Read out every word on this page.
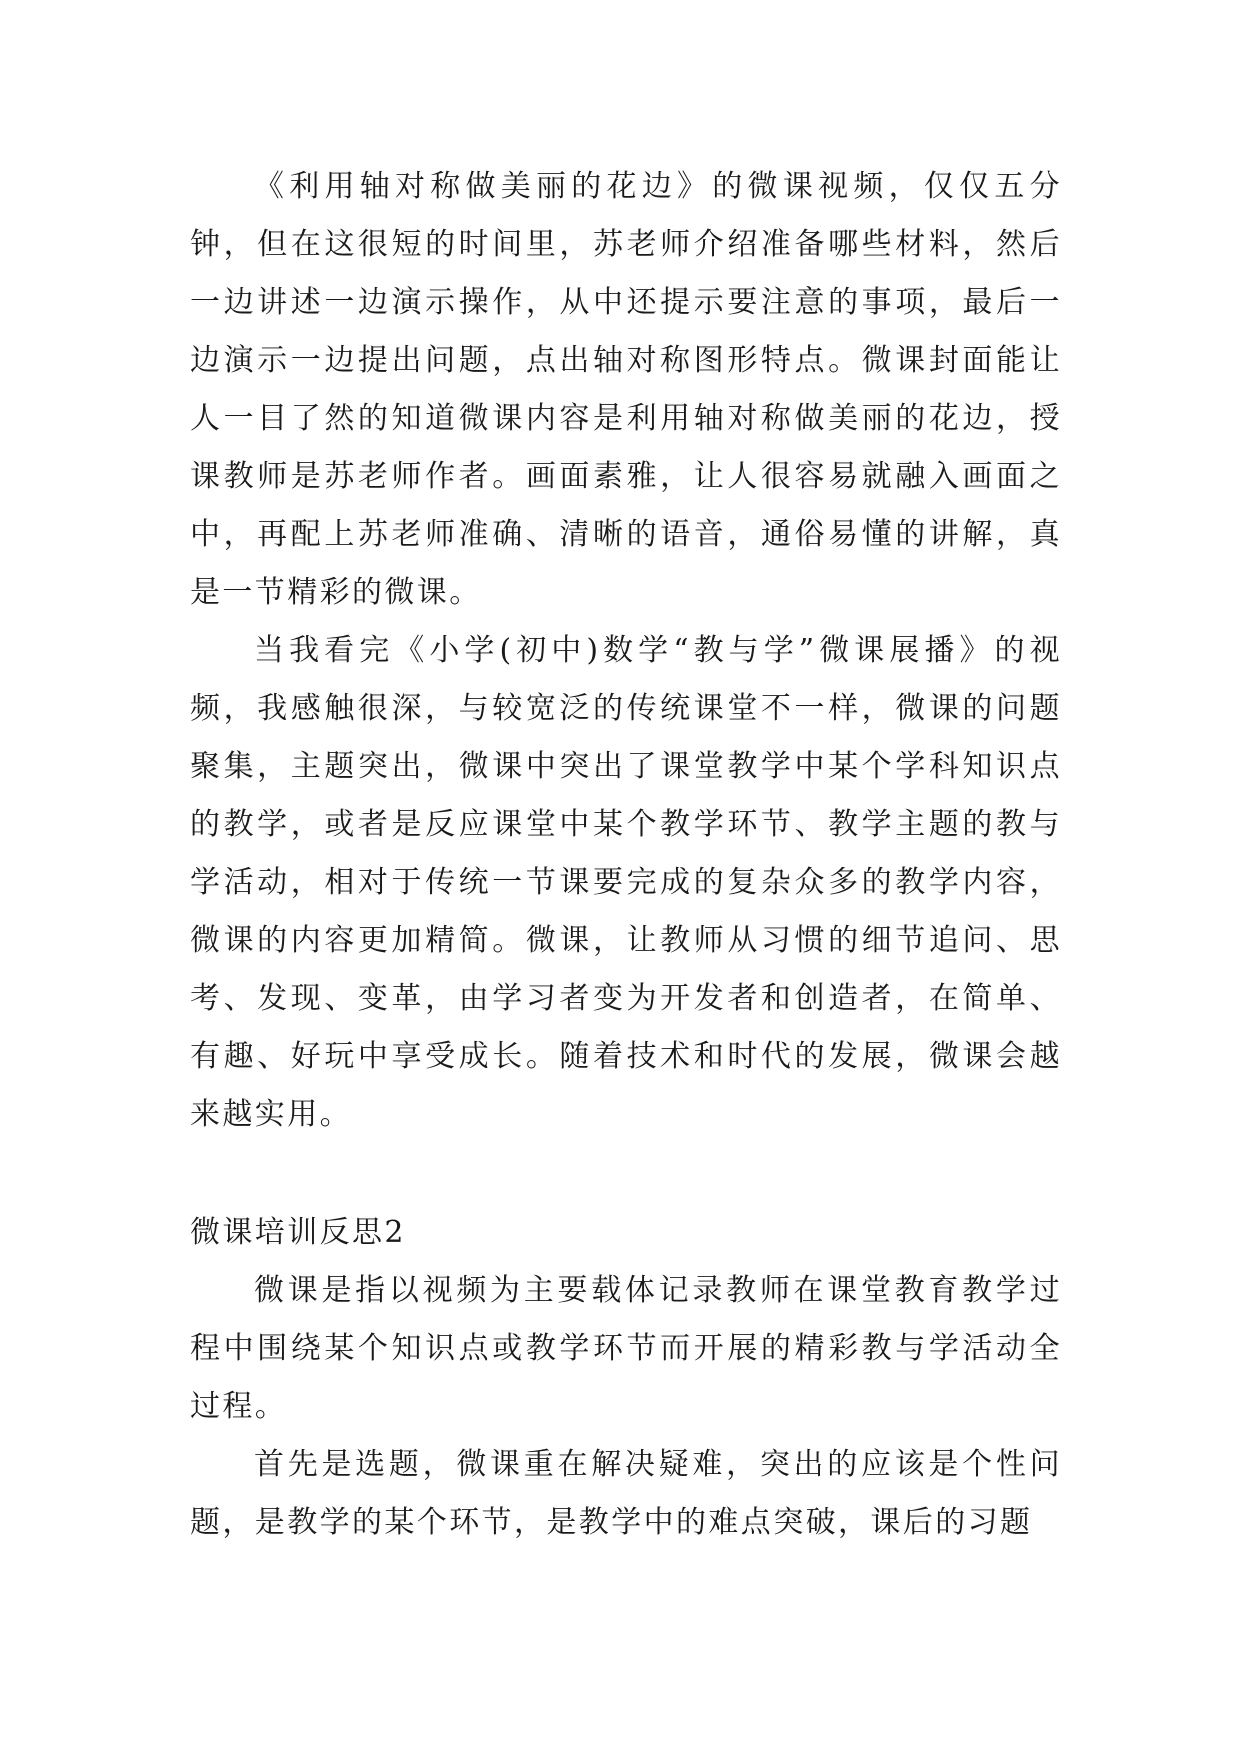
《利用轴对称做美丽的花边》的微课视频，仅仅五分钟，但在这很短的时间里，苏老师介绍准备哪些材料，然后一边讲述一边演示操作，从中还提示要注意的事项，最后一边演示一边提出问题，点出轴对称图形特点。微课封面能让人一目了然的知道微课内容是利用轴对称做美丽的花边，授课教师是苏老师作者。画面素雅，让人很容易就融入画面之中，再配上苏老师准确、清晰的语音，通俗易懂的讲解，真是一节精彩的微课。

当我看完《小学(初中)数学“教与学”微课展播》的视频，我感触很深，与较宽泛的传统课堂不一样，微课的问题聚集，主题突出，微课中突出了课堂教学中某个学科知识点的教学，或者是反应课堂中某个教学环节、教学主题的教与学活动，相对于传统一节课要完成的复杂众多的教学内容，微课的内容更加精简。微课，让教师从习惯的细节追问、思考、发现、变革，由学习者变为开发者和创造者，在简单、有趣、好玩中享受成长。随着技术和时代的发展，微课会越来越实用。

微课培训反思2

微课是指以视频为主要载体记录教师在课堂教育教学过程中围绕某个知识点或教学环节而开展的精彩教与学活动全过程。

首先是选题，微课重在解决疑难，突出的应该是个性问题，是教学的某个环节，是教学中的难点突破，课后的习题
